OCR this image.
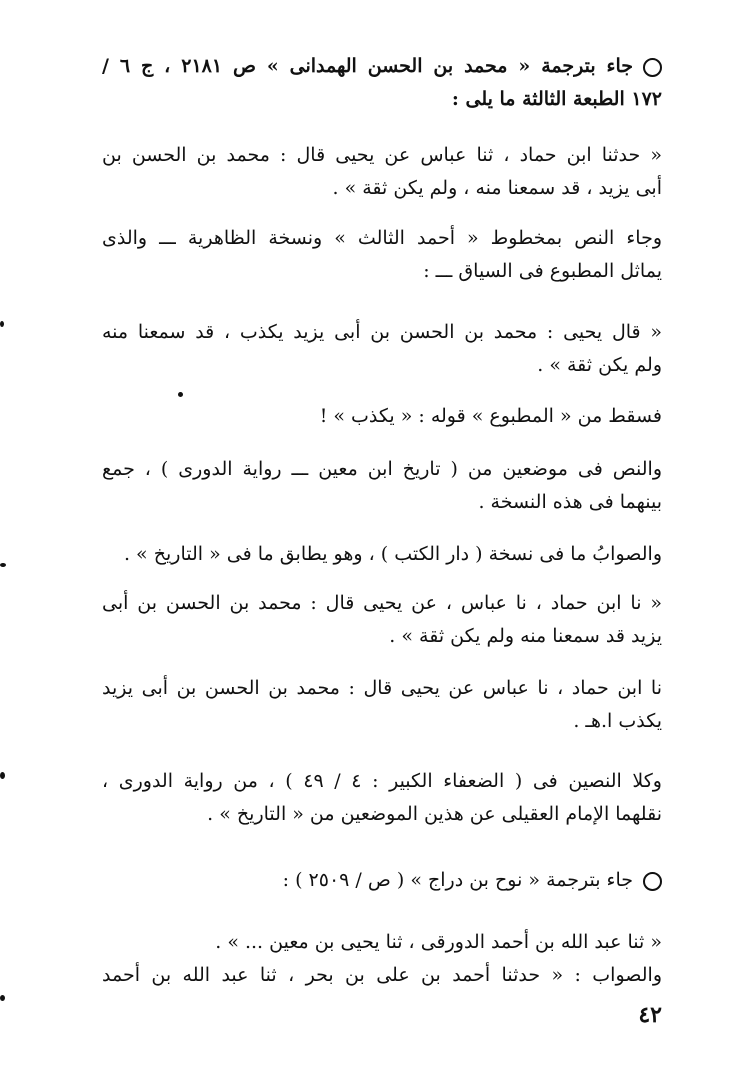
جاء بترجمة « محمد بن الحسن الهمدانى » ص ٢١٨١ ، ج ٦ /
١٧٢ الطبعة الثالثة ما يلى :
« حدثنا ابن حماد ، ثنا عباس عن يحيى قال : محمد بن الحسن بن
أبى يزيد ، قد سمعنا منه ، ولم يكن ثقة » .
وجاء النص بمخطوط « أحمد الثالث » ونسخة الظاهرية ـــ والذى
يماثل المطبوع فى السياق ـــ :
« قال يحيى : محمد بن الحسن بن أبى يزيد يكذب ، قد سمعنا منه
ولم يكن ثقة » .
فسقط من « المطبوع » قوله : « يكذب » !
والنص فى موضعين من ( تاريخ ابن معين ـــ رواية الدورى ) ، جمع
بينهما فى هذه النسخة .
والصوابُ ما فى نسخة ( دار الكتب ) ، وهو يطابق ما فى « التاريخ » .
« نا ابن حماد ، نا عباس ، عن يحيى قال : محمد بن الحسن بن أبى
يزيد قد سمعنا منه ولم يكن ثقة » .
نا ابن حماد ، نا عباس عن يحيى قال : محمد بن الحسن بن أبى يزيد
يكذب ا.هـ .
وكلا النصين فى ( الضعفاء الكبير : ٤ / ٤٩ ) ، من رواية الدورى ،
نقلهما الإمام العقيلى عن هذين الموضعين من « التاريخ » .
جاء بترجمة « نوح بن دراج » ( ص / ٢٥٠٩ ) :
« ثنا عبد الله بن أحمد الدورقى ، ثنا يحيى بن معين ... » .
والصواب : « حدثنا أحمد بن على بن بحر ، ثنا عبد الله بن أحمد
٤٢
